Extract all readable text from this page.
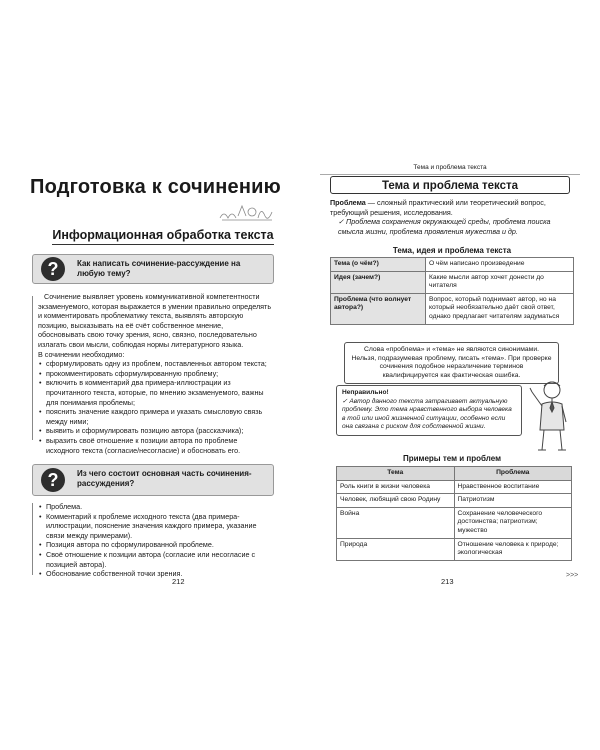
Подготовка к сочинению
Информационная обработка текста
?	Как написать сочинение-рассуждение на любую тему?

Сочинение выявляет уровень коммуникативной компетентности экзаменуемого, которая выражается в умении правильно определять и комментировать проблематику текста, выявлять авторскую позицию, высказывать на её счёт собственное мнение, обосновывать свою точку зрения, ясно, связно, последовательно излагать свои мысли, соблюдая нормы литературного языка.

В сочинении необходимо:

• сформулировать одну из проблем, поставленных автором текста;
• прокомментировать сформулированную проблему;
• включить в комментарий два примера-иллюстрации из прочитанного текста, которые, по мнению экзаменуемого, важны для понимания проблемы;
• пояснить значение каждого примера и указать смысловую связь между ними;
• выявить и сформулировать позицию автора (рассказчика);
• выразить своё отношение к позиции автора по проблеме исходного текста (согласие/несогласие) и обосновать его.
?	Из чего состоит основная часть сочинения-рассуждения?
• Проблема.
• Комментарий к проблеме исходного текста (два примера-иллюстрации, пояснение значения каждого примера, указание связи между примерами).
• Позиция автора по сформулированной проблеме.
• Своё отношение к позиции автора (согласие или несогласие с позицией автора).
• Обоснование собственной точки зрения.
212
Тема и проблема текста
Тема и проблема текста

Проблема — сложный практический или теоретический вопрос, требующий решения, исследования.

✓ Проблема сохранения окружающей среды, проблема поиска смысла жизни, проблема проявления мужества и др.

Тема, идея и проблема текста
Тема (о чём?)	О чём написано произведение
Идея (зачем?)	Какие мысли автор хочет донести до читателя
Проблема (что волнует автора?)	Вопрос, который поднимает автор, но на который необязательно даёт свой ответ, однако предлагает читателям задуматься
Слова «проблема» и «тема» не являются синонимами. Нельзя, подразумевая проблему, писать «тема». При проверке сочинения подобное неразличение терминов квалифицируется как фактическая ошибка.
Неправильно!
✓ Автор данного текста затрагивает актуальную проблему. Это тема нравственного выбора человека в той или иной жизненной ситуации, особенно если она связана с риском для собственной жизни.
Примеры тем и проблем
Тема	Проблема
Роль книги в жизни человека	Нравственное воспитание
Человек, любящий свою Родину	Патриотизм
Война	Сохранение человеческого достоинства; патриотизм; мужество
Природа	Отношение человека к природе; экологическая
>>>
213
